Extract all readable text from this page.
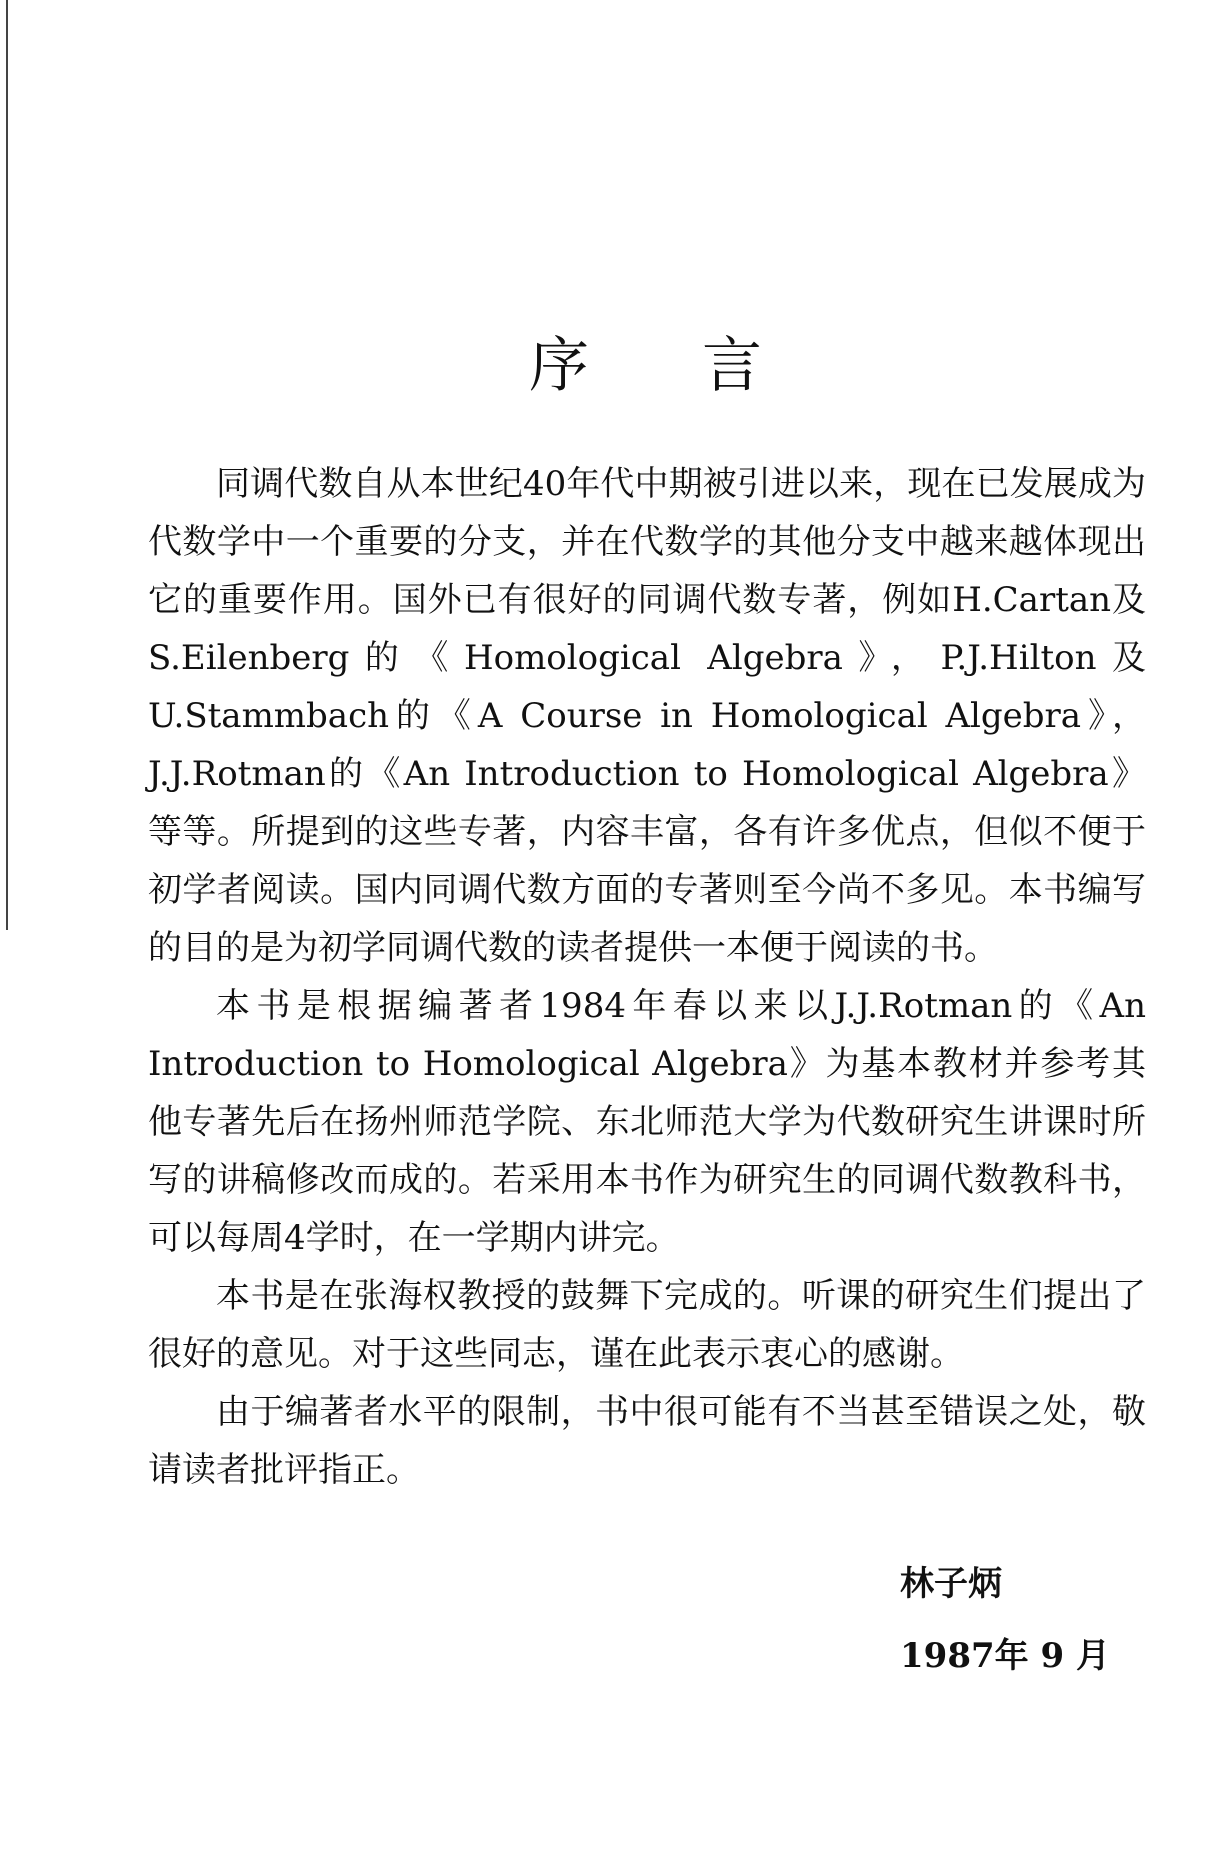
序 言

同调代数自从本世纪40年代中期被引进以来，现在已发展成为代数学中一个重要的分支，并在代数学的其他分支中越来越体现出它的重要作用。国外已有很好的同调代数专著，例如H.Cartan及S.Eilenberg的《Homological Algebra》，P.J.Hilton及U.Stammbach的《A Course in Homological Algebra》，J.J.Rotman的《An Introduction to Homological Algebra》等等。所提到的这些专著，内容丰富，各有许多优点，但似不便于初学者阅读。国内同调代数方面的专著则至今尚不多见。本书编写的目的是为初学同调代数的读者提供一本便于阅读的书。

本书是根据编著者1984年春以来以J.J.Rotman的《An Introduction to Homological Algebra》为基本教材并参考其他专著先后在扬州师范学院、东北师范大学为代数研究生讲课时所写的讲稿修改而成的。若采用本书作为研究生的同调代数教科书，可以每周4学时，在一学期内讲完。

本书是在张海权教授的鼓舞下完成的。听课的研究生们提出了很好的意见。对于这些同志，谨在此表示衷心的感谢。

由于编著者水平的限制，书中很可能有不当甚至错误之处，敬请读者批评指正。

林子炳
1987年 9 月
